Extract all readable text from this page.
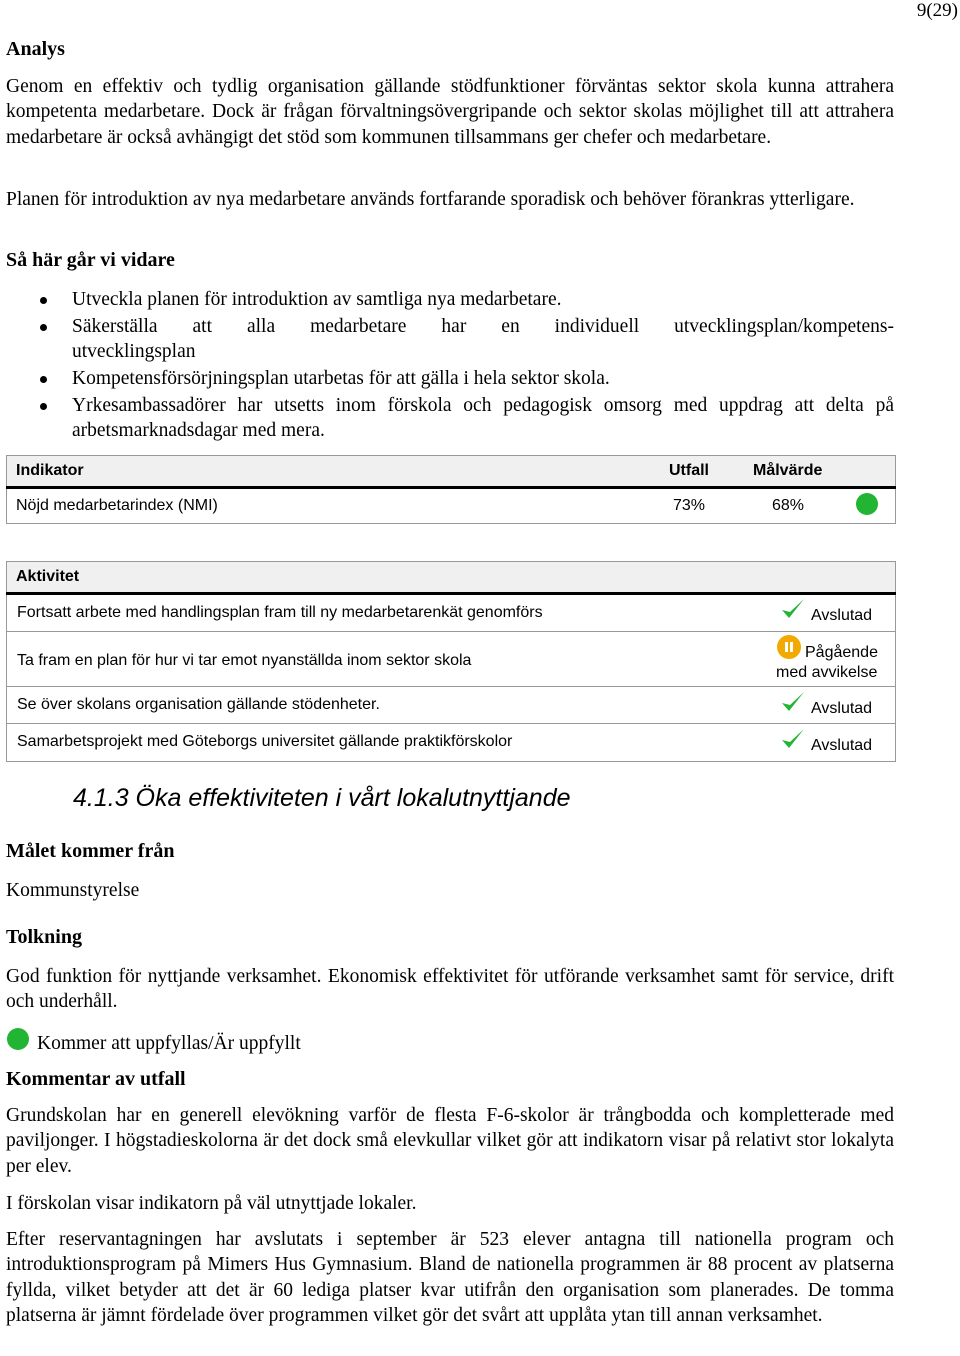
9(29)
Analys
Genom en effektiv och tydlig organisation gällande stödfunktioner förväntas sektor skola kunna attrahera kompetenta medarbetare. Dock är frågan förvaltningsövergripande och sektor skolas möjlighet till att attrahera medarbetare är också avhängigt det stöd som kommunen tillsammans ger chefer och medarbetare.
Planen för introduktion av nya medarbetare används fortfarande sporadisk och behöver förankras ytterligare.
Så här går vi vidare
Utveckla planen för introduktion av samtliga nya medarbetare.
Säkerställa att alla medarbetare har en individuell utvecklingsplan/kompetens-
utvecklingsplan
Kompetensförsörjningsplan utarbetas för att gälla i hela sektor skola.
Yrkesambassadörer har utsetts inom förskola och pedagogisk omsorg med uppdrag att delta på arbetsmarknadsdagar med mera.
Indikator	Utfall	Målvärde
Nöjd medarbetarindex (NMI)	73%	68%
Aktivitet
Fortsatt arbete med handlingsplan fram till ny medarbetarenkät genomförs	Avslutad
Ta fram en plan för hur vi tar emot nyanställda inom sektor skola	Pågående
med avvikelse
Se över skolans organisation gällande stödenheter.	Avslutad
Samarbetsprojekt med Göteborgs universitet gällande praktikförskolor	Avslutad
4.1.3 Öka effektiviteten i vårt lokalutnyttjande
Målet kommer från
Kommunstyrelse
Tolkning
God funktion för nyttjande verksamhet. Ekonomisk effektivitet för utförande verksamhet samt för service, drift och underhåll.
Kommer att uppfyllas/Är uppfyllt
Kommentar av utfall
Grundskolan har en generell elevökning varför de flesta F-6-skolor är trångbodda och kompletterade med paviljonger. I högstadieskolorna är det dock små elevkullar vilket gör att indikatorn visar på relativt stor lokalyta per elev.
I förskolan visar indikatorn på väl utnyttjade lokaler.
Efter reservantagningen har avslutats i september är 523 elever antagna till nationella program och introduktionsprogram på Mimers Hus Gymnasium. Bland de nationella programmen är 88 procent av platserna fyllda, vilket betyder att det är 60 lediga platser kvar utifrån den organisation som planerades. De tomma platserna är jämnt fördelade över programmen vilket gör det svårt att upplåta ytan till annan verksamhet.
